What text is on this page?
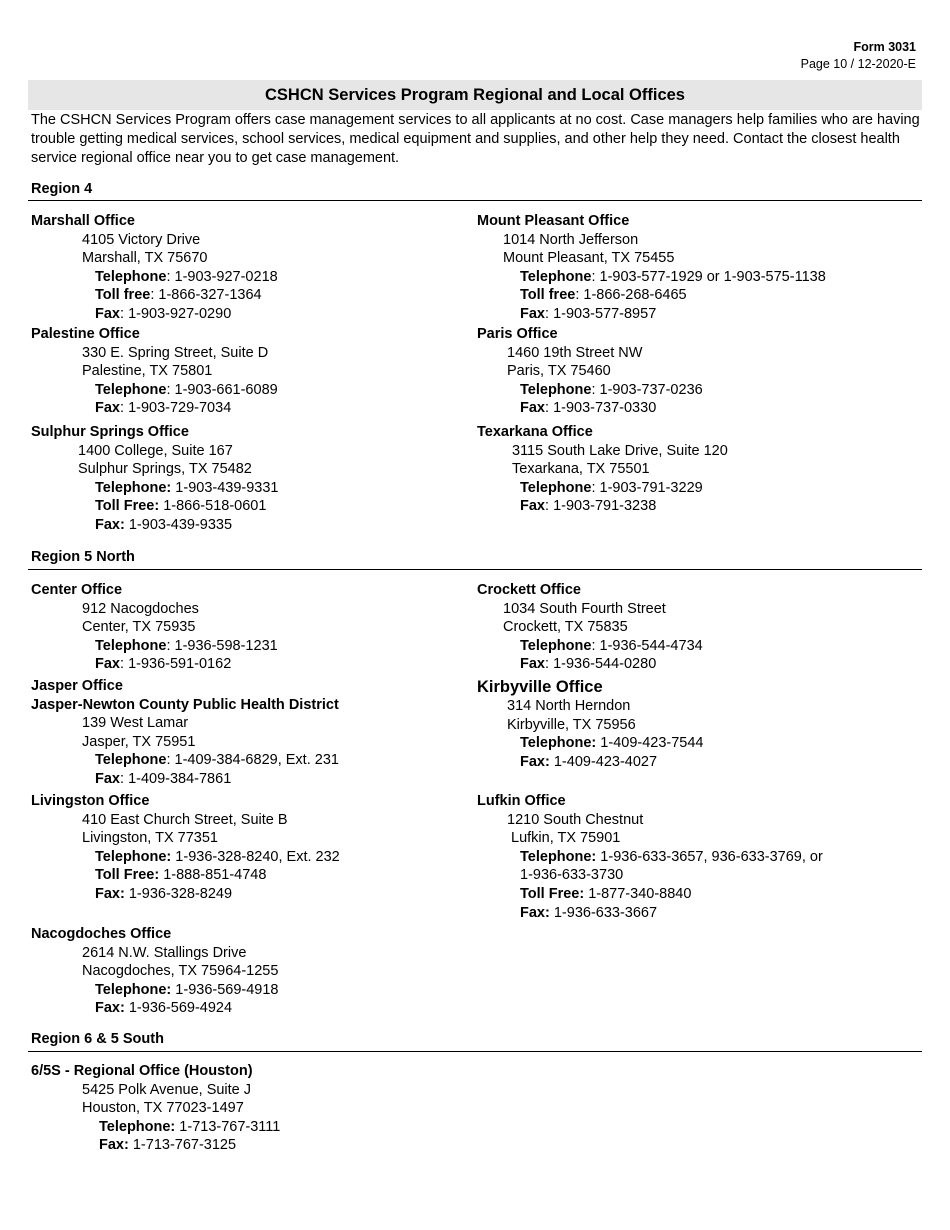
Form 3031
Page 10 / 12-2020-E
CSHCN Services Program Regional and Local Offices

The CSHCN Services Program offers case management services to all applicants at no cost. Case managers help families who are having trouble getting medical services, school services, medical equipment and supplies, and other help they need. Contact the closest health service regional office near you to get case management.

Region 4
Marshall Office
4105 Victory Drive
Marshall, TX 75670
Telephone: 1-903-927-0218
Toll free: 1-866-327-1364
Fax: 1-903-927-0290
Mount Pleasant Office
1014 North Jefferson
Mount Pleasant, TX 75455
Telephone: 1-903-577-1929 or 1-903-575-1138
Toll free: 1-866-268-6465
Fax: 1-903-577-8957
Palestine Office
330 E. Spring Street, Suite D
Palestine, TX 75801
Telephone: 1-903-661-6089
Fax: 1-903-729-7034
Paris Office
1460 19th Street NW
Paris, TX 75460
Telephone: 1-903-737-0236
Fax: 1-903-737-0330
Sulphur Springs Office
1400 College, Suite 167
Sulphur Springs, TX 75482
Telephone: 1-903-439-9331
Toll Free: 1-866-518-0601
Fax: 1-903-439-9335
Texarkana Office
3115 South Lake Drive, Suite 120
Texarkana, TX 75501
Telephone: 1-903-791-3229
Fax: 1-903-791-3238
Region 5 North
Center Office
912 Nacogdoches
Center, TX 75935
Telephone: 1-936-598-1231
Fax: 1-936-591-0162
Crockett Office
1034 South Fourth Street
Crockett, TX 75835
Telephone: 1-936-544-4734
Fax: 1-936-544-0280
Jasper Office
Jasper-Newton County Public Health District
139 West Lamar
Jasper, TX 75951
Telephone: 1-409-384-6829, Ext. 231
Fax: 1-409-384-7861
Kirbyville Office
314 North Herndon
Kirbyville, TX 75956
Telephone: 1-409-423-7544
Fax: 1-409-423-4027
Livingston Office
410 East Church Street, Suite B
Livingston, TX 77351
Telephone: 1-936-328-8240, Ext. 232
Toll Free: 1-888-851-4748
Fax: 1-936-328-8249
Lufkin Office
1210 South Chestnut
Lufkin, TX 75901
Telephone: 1-936-633-3657, 936-633-3769, or
1-936-633-3730
Toll Free: 1-877-340-8840
Fax: 1-936-633-3667
Nacogdoches Office
2614 N.W. Stallings Drive
Nacogdoches, TX 75964-1255
Telephone: 1-936-569-4918
Fax: 1-936-569-4924
Region 6 & 5 South
6/5S - Regional Office (Houston)
5425 Polk Avenue, Suite J
Houston, TX 77023-1497
Telephone: 1-713-767-3111
Fax: 1-713-767-3125
